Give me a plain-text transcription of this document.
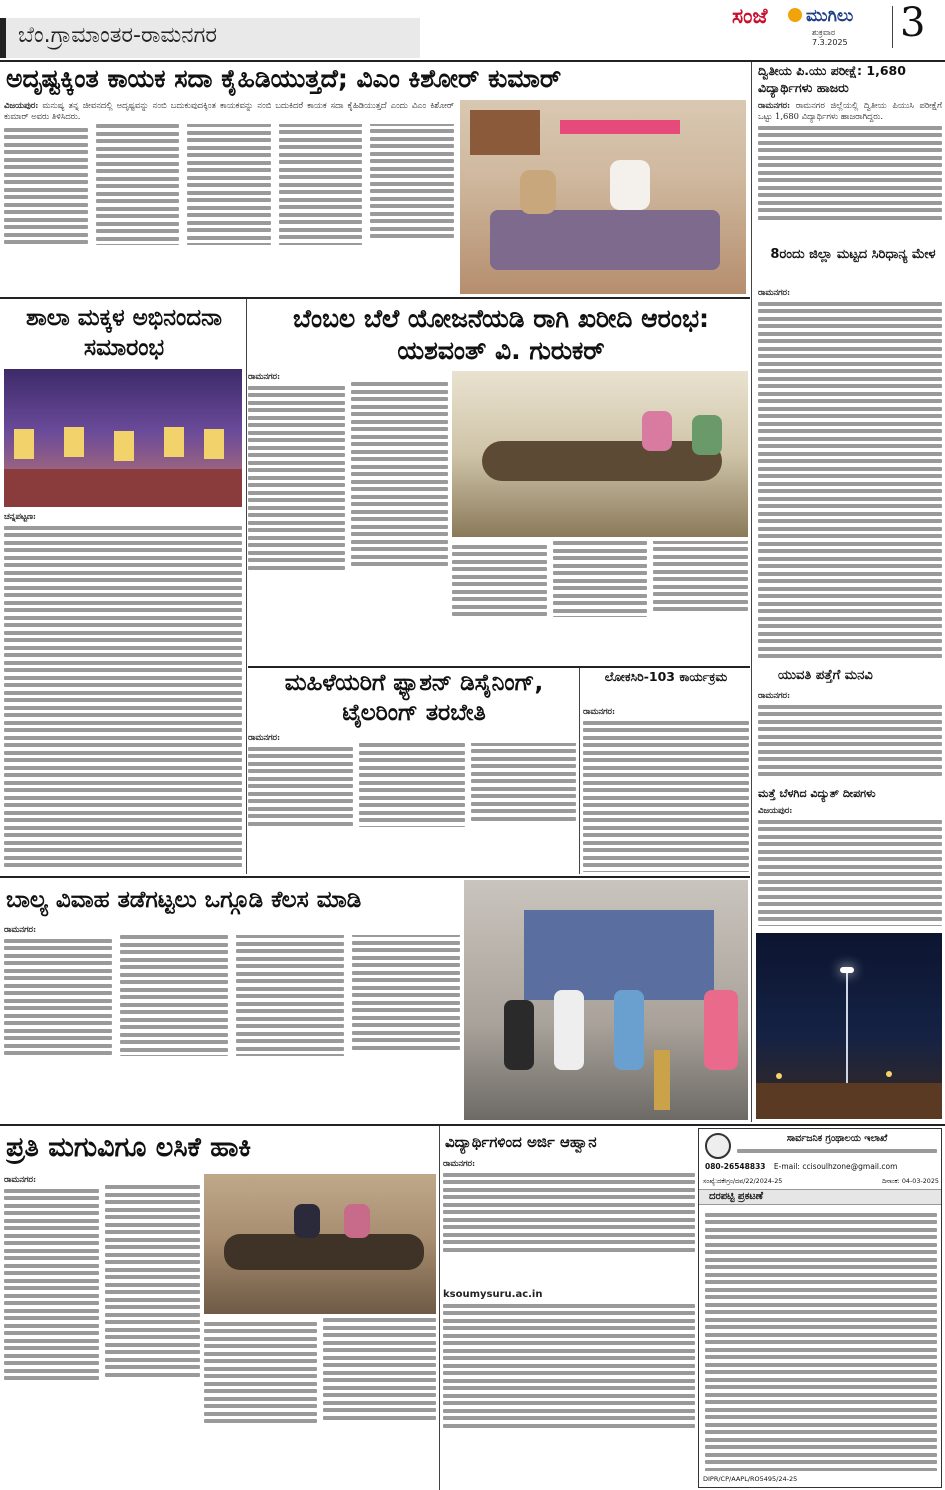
ಬೆಂ.ಗ್ರಾಮಾಂತರ-ರಾಮನಗರ
ಸಂಜೆ ಮುಗಿಲು
ಶುಕ್ರವಾರ
7.3.2025 3
ಅದೃಷ್ಟಕ್ಕಿಂತ ಕಾಯಕ ಸದಾ ಕೈಹಿಡಿಯುತ್ತದೆ; ವಿಎಂ ಕಿಶೋರ್ ಕುಮಾರ್
ವಿಜಯಪುರ: ಮನುಷ್ಯ ತನ್ನ ಜೀವನದಲ್ಲಿ ಅದೃಷ್ಟವನ್ನು ನಂಬಿ ಬದುಕುವುದಕ್ಕಿಂತ ಕಾಯಕವನ್ನು ನಂಬಿ ಬದುಕಿದರೆ ಕಾಯಕ ಸದಾ ಕೈಹಿಡಿಯುತ್ತದೆ ಎಂದು ವಿಎಂ ಕಿಶೋರ್ ಕುಮಾರ್ ಅವರು ತಿಳಿಸಿದರು.
ದ್ವಿತೀಯ ಪಿ.ಯು ಪರೀಕ್ಷೆ: 1,680 ವಿದ್ಯಾರ್ಥಿಗಳು ಹಾಜರು
ರಾಮನಗರ: ರಾಮನಗರ ಜಿಲ್ಲೆಯಲ್ಲಿ ದ್ವಿತೀಯ ಪಿಯುಸಿ ಪರೀಕ್ಷೆಗೆ ಒಟ್ಟು 1,680 ವಿದ್ಯಾರ್ಥಿಗಳು ಹಾಜರಾಗಿದ್ದರು.
8ರಂದು ಜಿಲ್ಲಾ ಮಟ್ಟದ ಸಿರಿಧಾನ್ಯ ಮೇಳ
ರಾಮನಗರ:
ಯುವತಿ ಪತ್ತೆಗೆ ಮನವಿ
ರಾಮನಗರ:
ಮತ್ತೆ ಬೆಳಗಿದ ವಿದ್ಯುತ್ ದೀಪಗಳು
ವಿಜಯಪುರ:
ಶಾಲಾ ಮಕ್ಕಳ ಅಭಿನಂದನಾ ಸಮಾರಂಭ
ಚನ್ನಪಟ್ಟಣ:
ಬೆಂಬಲ ಬೆಲೆ ಯೋಜನೆಯಡಿ ರಾಗಿ ಖರೀದಿ ಆರಂಭ: ಯಶವಂತ್ ವಿ. ಗುರುಕರ್
ರಾಮನಗರ:
ಮಹಿಳೆಯರಿಗೆ ಫ್ಯಾಶನ್ ಡಿಸೈನಿಂಗ್, ಟೈಲರಿಂಗ್ ತರಬೇತಿ
ರಾಮನಗರ:
ಲೋಕಸಿರಿ-103 ಕಾರ್ಯಕ್ರಮ
ರಾಮನಗರ:
ಬಾಲ್ಯ ವಿವಾಹ ತಡೆಗಟ್ಟಲು ಒಗ್ಗೂಡಿ ಕೆಲಸ ಮಾಡಿ
ರಾಮನಗರ:
ಪ್ರತಿ ಮಗುವಿಗೂ ಲಸಿಕೆ ಹಾಕಿ
ರಾಮನಗರ:
ವಿದ್ಯಾರ್ಥಿಗಳಿಂದ ಅರ್ಜಿ ಆಹ್ವಾನ
ರಾಮನಗರ:
ksoumysuru.ac.in
ಸಾರ್ವಜನಿಕ ಗ್ರಂಥಾಲಯ ಇಲಾಖೆ
080-26548833 E-mail: ccisoulhzone@gmail.com
ಸಂಖ್ಯೆ:ದಕೇಗ್ರಂ/ದವ/22/2024-25	ದಿನಾಂಕ: 04-03-2025
ದರಪಟ್ಟಿ ಪ್ರಕಟಣೆ
DIPR/CP/AAPL/RO5495/24-25
